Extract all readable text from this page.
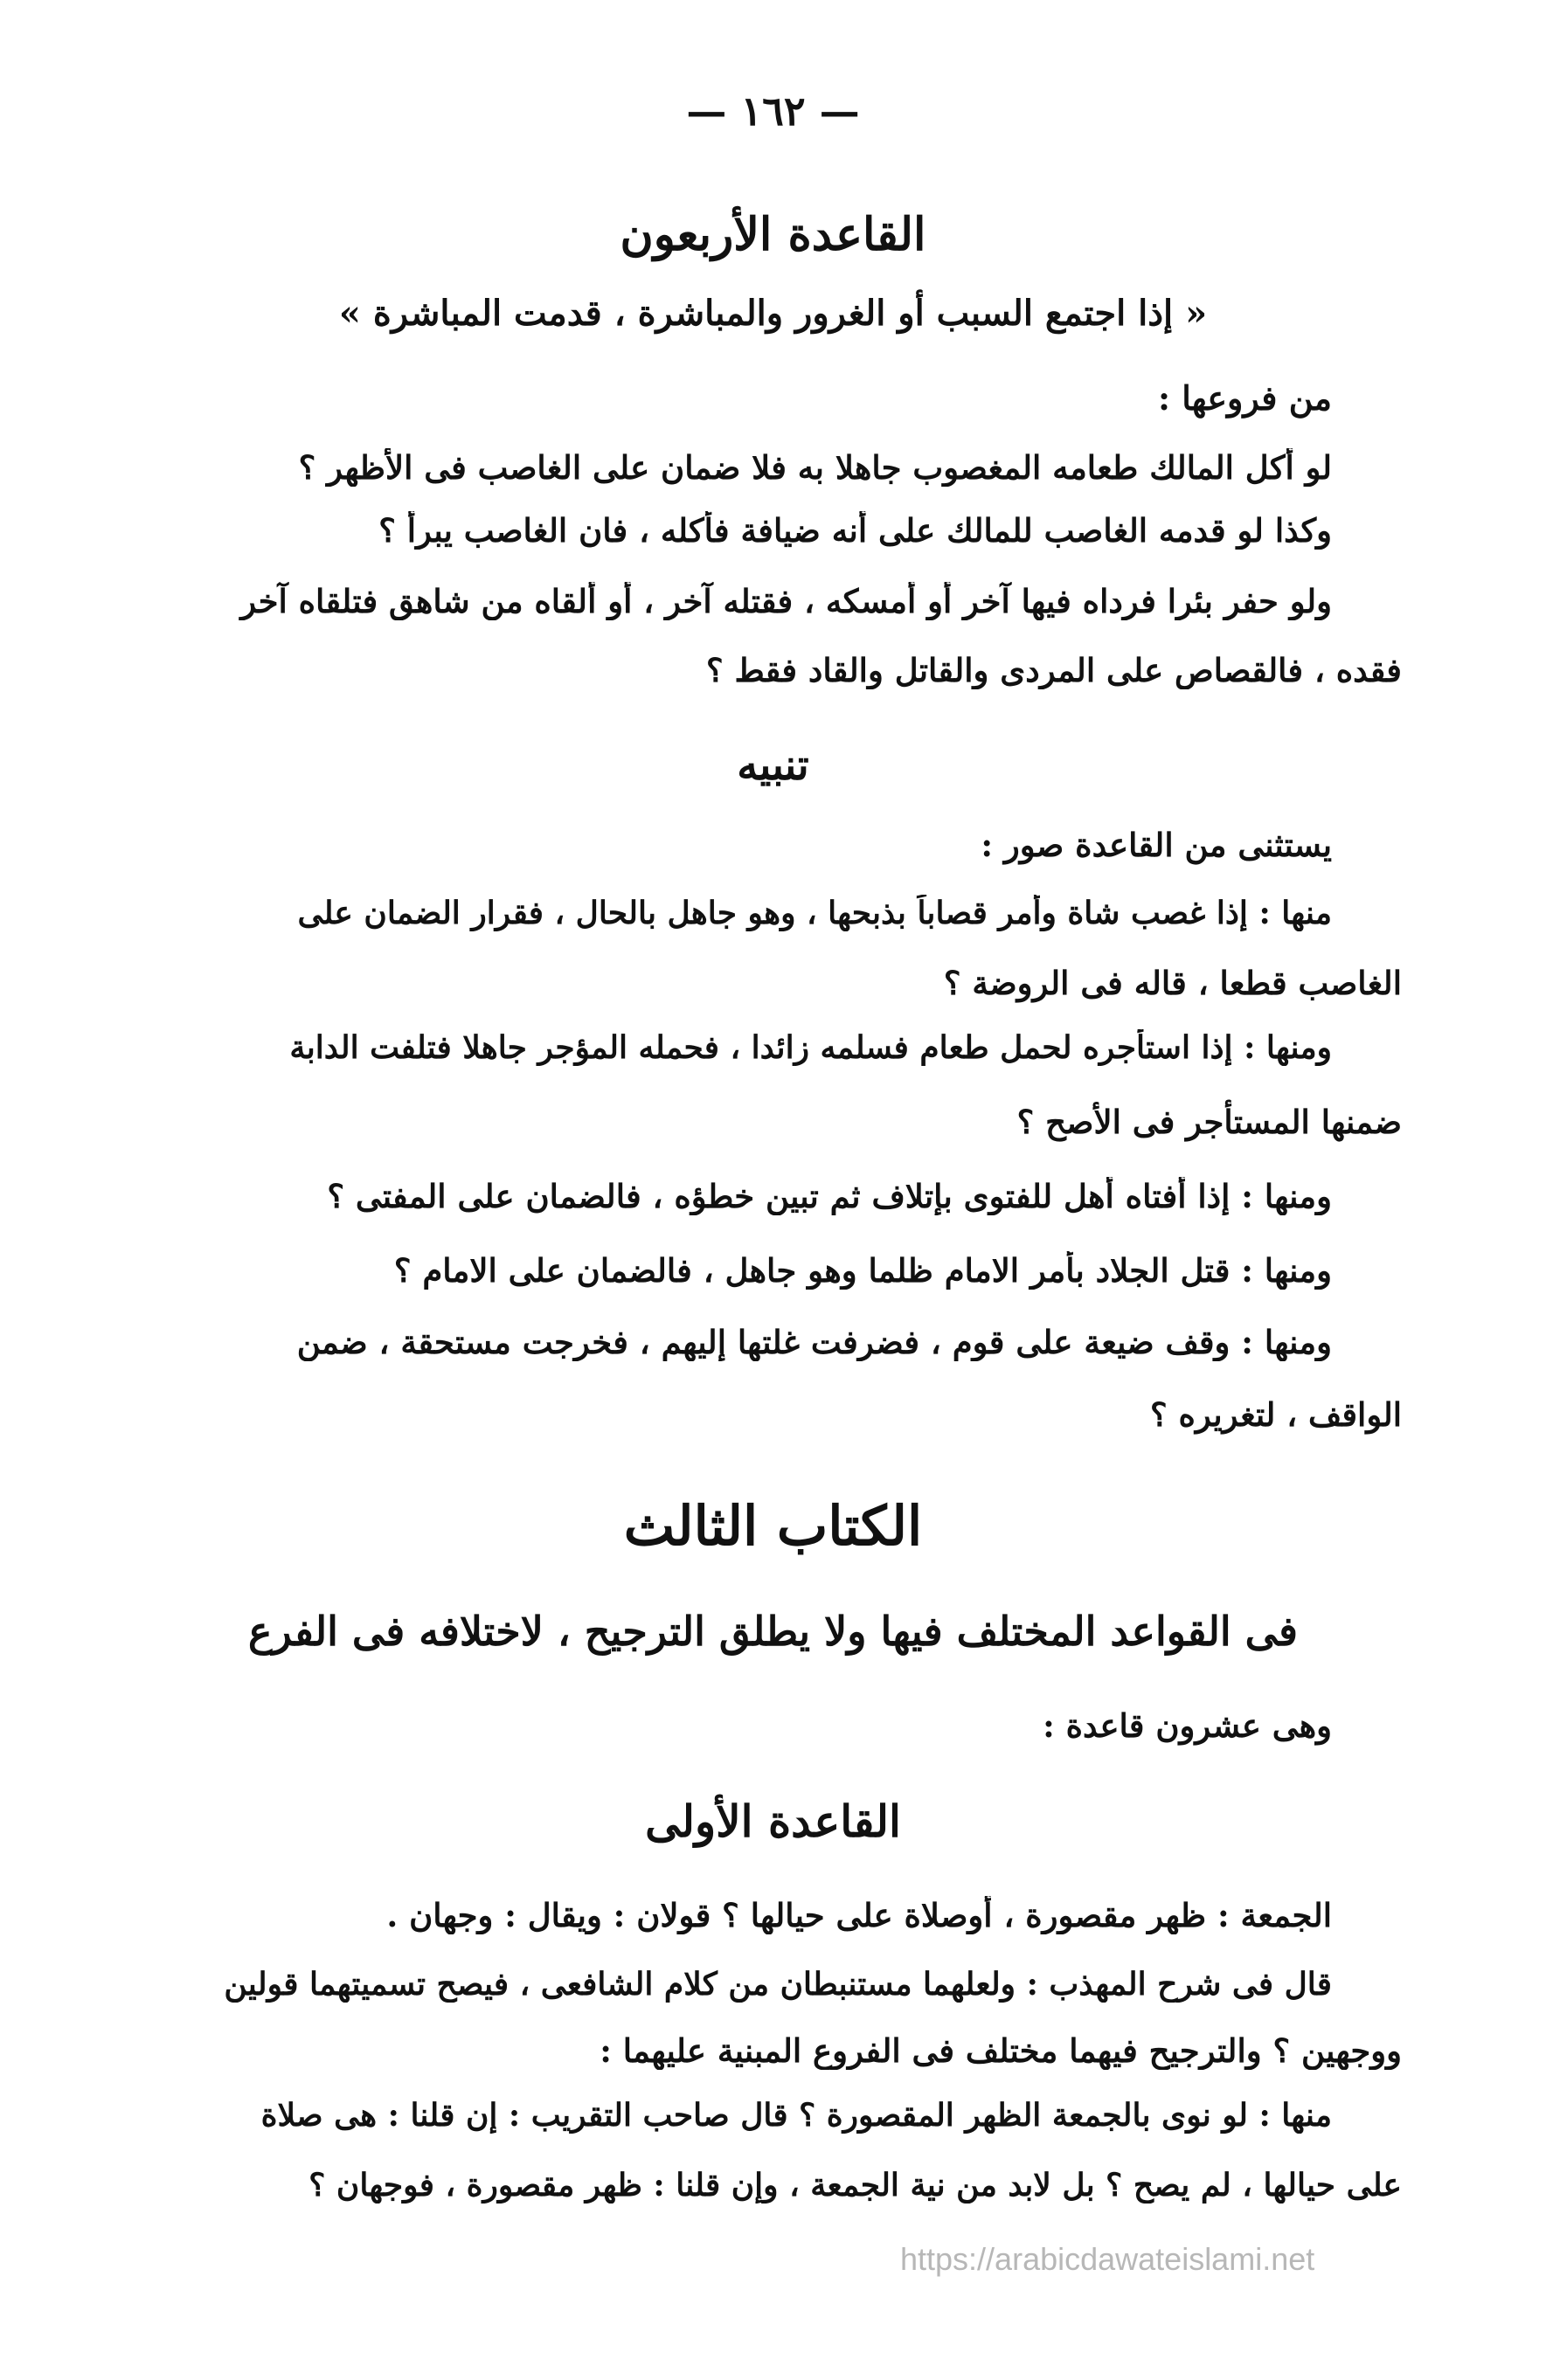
— ١٦٢ —
القاعدة الأربعون
« إذا اجتمع السبب أو الغرور والمباشرة ، قدمت المباشرة »
من فروعها :
لو أكل المالك طعامه المغصوب جاهلا به فلا ضمان على الغاصب فى الأظهر ؟
وكذا لو قدمه الغاصب للمالك على أنه ضيافة فأكله ، فان الغاصب يبرأ ؟
ولو حفر بئرا فرداه فيها آخر أو أمسكه ، فقتله آخر ، أو ألقاه من شاهق فتلقاه آخر
فقده ، فالقصاص على المردى والقاتل والقاد فقط ؟
تنبيه
يستثنى من القاعدة صور :
منها : إذا غصب شاة وأمر قصاباً بذبحها ، وهو جاهل بالحال ، فقرار الضمان على
الغاصب قطعا ، قاله فى الروضة ؟
ومنها : إذا استأجره لحمل طعام فسلمه زائدا ، فحمله المؤجر جاهلا فتلفت الدابة
ضمنها المستأجر فى الأصح ؟
ومنها : إذا أفتاه أهل للفتوى بإتلاف ثم تبين خطؤه ، فالضمان على المفتى ؟
ومنها : قتل الجلاد بأمر الامام ظلما وهو جاهل ، فالضمان على الامام ؟
ومنها : وقف ضيعة على قوم ، فضرفت غلتها إليهم ، فخرجت مستحقة ، ضمن
الواقف ، لتغريره ؟
الكتاب الثالث
فى القواعد المختلف فيها ولا يطلق الترجيح ، لاختلافه فى الفرع
وهى عشرون قاعدة :
القاعدة الأولى
الجمعة : ظهر مقصورة ، أوصلاة على حيالها ؟ قولان : ويقال : وجهان .
قال فى شرح المهذب : ولعلهما مستنبطان من كلام الشافعى ، فيصح تسميتهما قولين
ووجهين ؟ والترجيح فيهما مختلف فى الفروع المبنية عليهما :
منها : لو نوى بالجمعة الظهر المقصورة ؟ قال صاحب التقريب : إن قلنا : هى صلاة
على حيالها ، لم يصح ؟ بل لابد من نية الجمعة ، وإن قلنا : ظهر مقصورة ، فوجهان ؟
https://arabicdawateislami.net
